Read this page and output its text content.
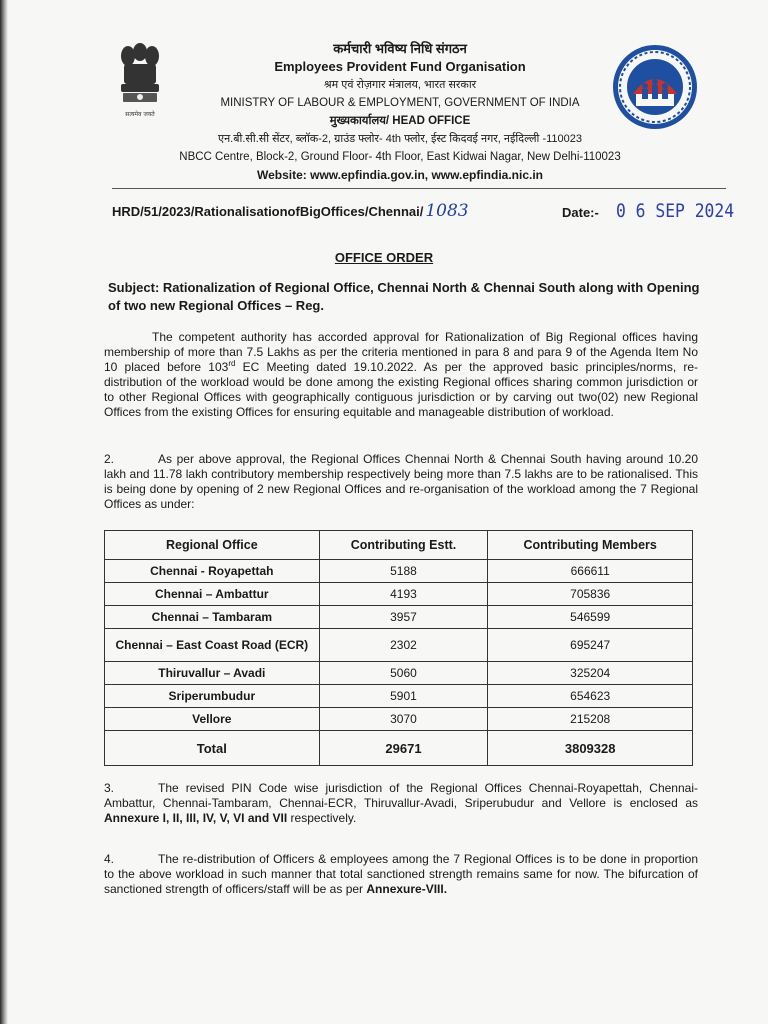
सत्यमेव जयते
कर्मचारी भविष्य निधि संगठन
Employees Provident Fund Organisation
श्रम एवं रोज़गार मंत्रालय, भारत सरकार
MINISTRY OF LABOUR & EMPLOYMENT, GOVERNMENT OF INDIA
मुख्यकार्यालय/ HEAD OFFICE
एन.बी.सी.सी सेंटर, ब्लॉक-2, ग्राउंड फ्लोर- 4th फ्लोर, ईस्ट किदवई नगर, नईदिल्ली -110023
NBCC Centre, Block-2, Ground Floor- 4th Floor, East Kidwai Nagar, New Delhi-110023
Website: www.epfindia.gov.in, www.epfindia.nic.in
HRD/51/2023/RationalisationofBigOffices/Chennai/ 1083	Date:- 0 6 SEP 2024
OFFICE ORDER
Subject: Rationalization of Regional Office, Chennai North & Chennai South along with Opening of two new Regional Offices – Reg.

The competent authority has accorded approval for Rationalization of Big Regional offices having membership of more than 7.5 Lakhs as per the criteria mentioned in para 8 and para 9 of the Agenda Item No 10 placed before 103rd EC Meeting dated 19.10.2022. As per the approved basic principles/norms, re-distribution of the workload would be done among the existing Regional offices sharing common jurisdiction or to other Regional Offices with geographically contiguous jurisdiction or by carving out two(02) new Regional Offices from the existing Offices for ensuring equitable and manageable distribution of workload.

2.	As per above approval, the Regional Offices Chennai North & Chennai South having around 10.20 lakh and 11.78 lakh contributory membership respectively being more than 7.5 lakhs are to be rationalised. This is being done by opening of 2 new Regional Offices and re-organisation of the workload among the 7 Regional Offices as under:

Regional Office	Contributing Estt.	Contributing Members
Chennai - Royapettah	5188	666611
Chennai – Ambattur	4193	705836
Chennai – Tambaram	3957	546599
Chennai – East Coast Road (ECR)	2302	695247
Thiruvallur – Avadi	5060	325204
Sriperumbudur	5901	654623
Vellore	3070	215208
Total	29671	3809328

3.	The revised PIN Code wise jurisdiction of the Regional Offices Chennai-Royapettah, Chennai-Ambattur, Chennai-Tambaram, Chennai-ECR, Thiruvallur-Avadi, Sriperubudur and Vellore is enclosed as Annexure I, II, III, IV, V, VI and VII respectively.

4.	The re-distribution of Officers & employees among the 7 Regional Offices is to be done in proportion to the above workload in such manner that total sanctioned strength remains same for now. The bifurcation of sanctioned strength of officers/staff will be as per Annexure-VIII.
